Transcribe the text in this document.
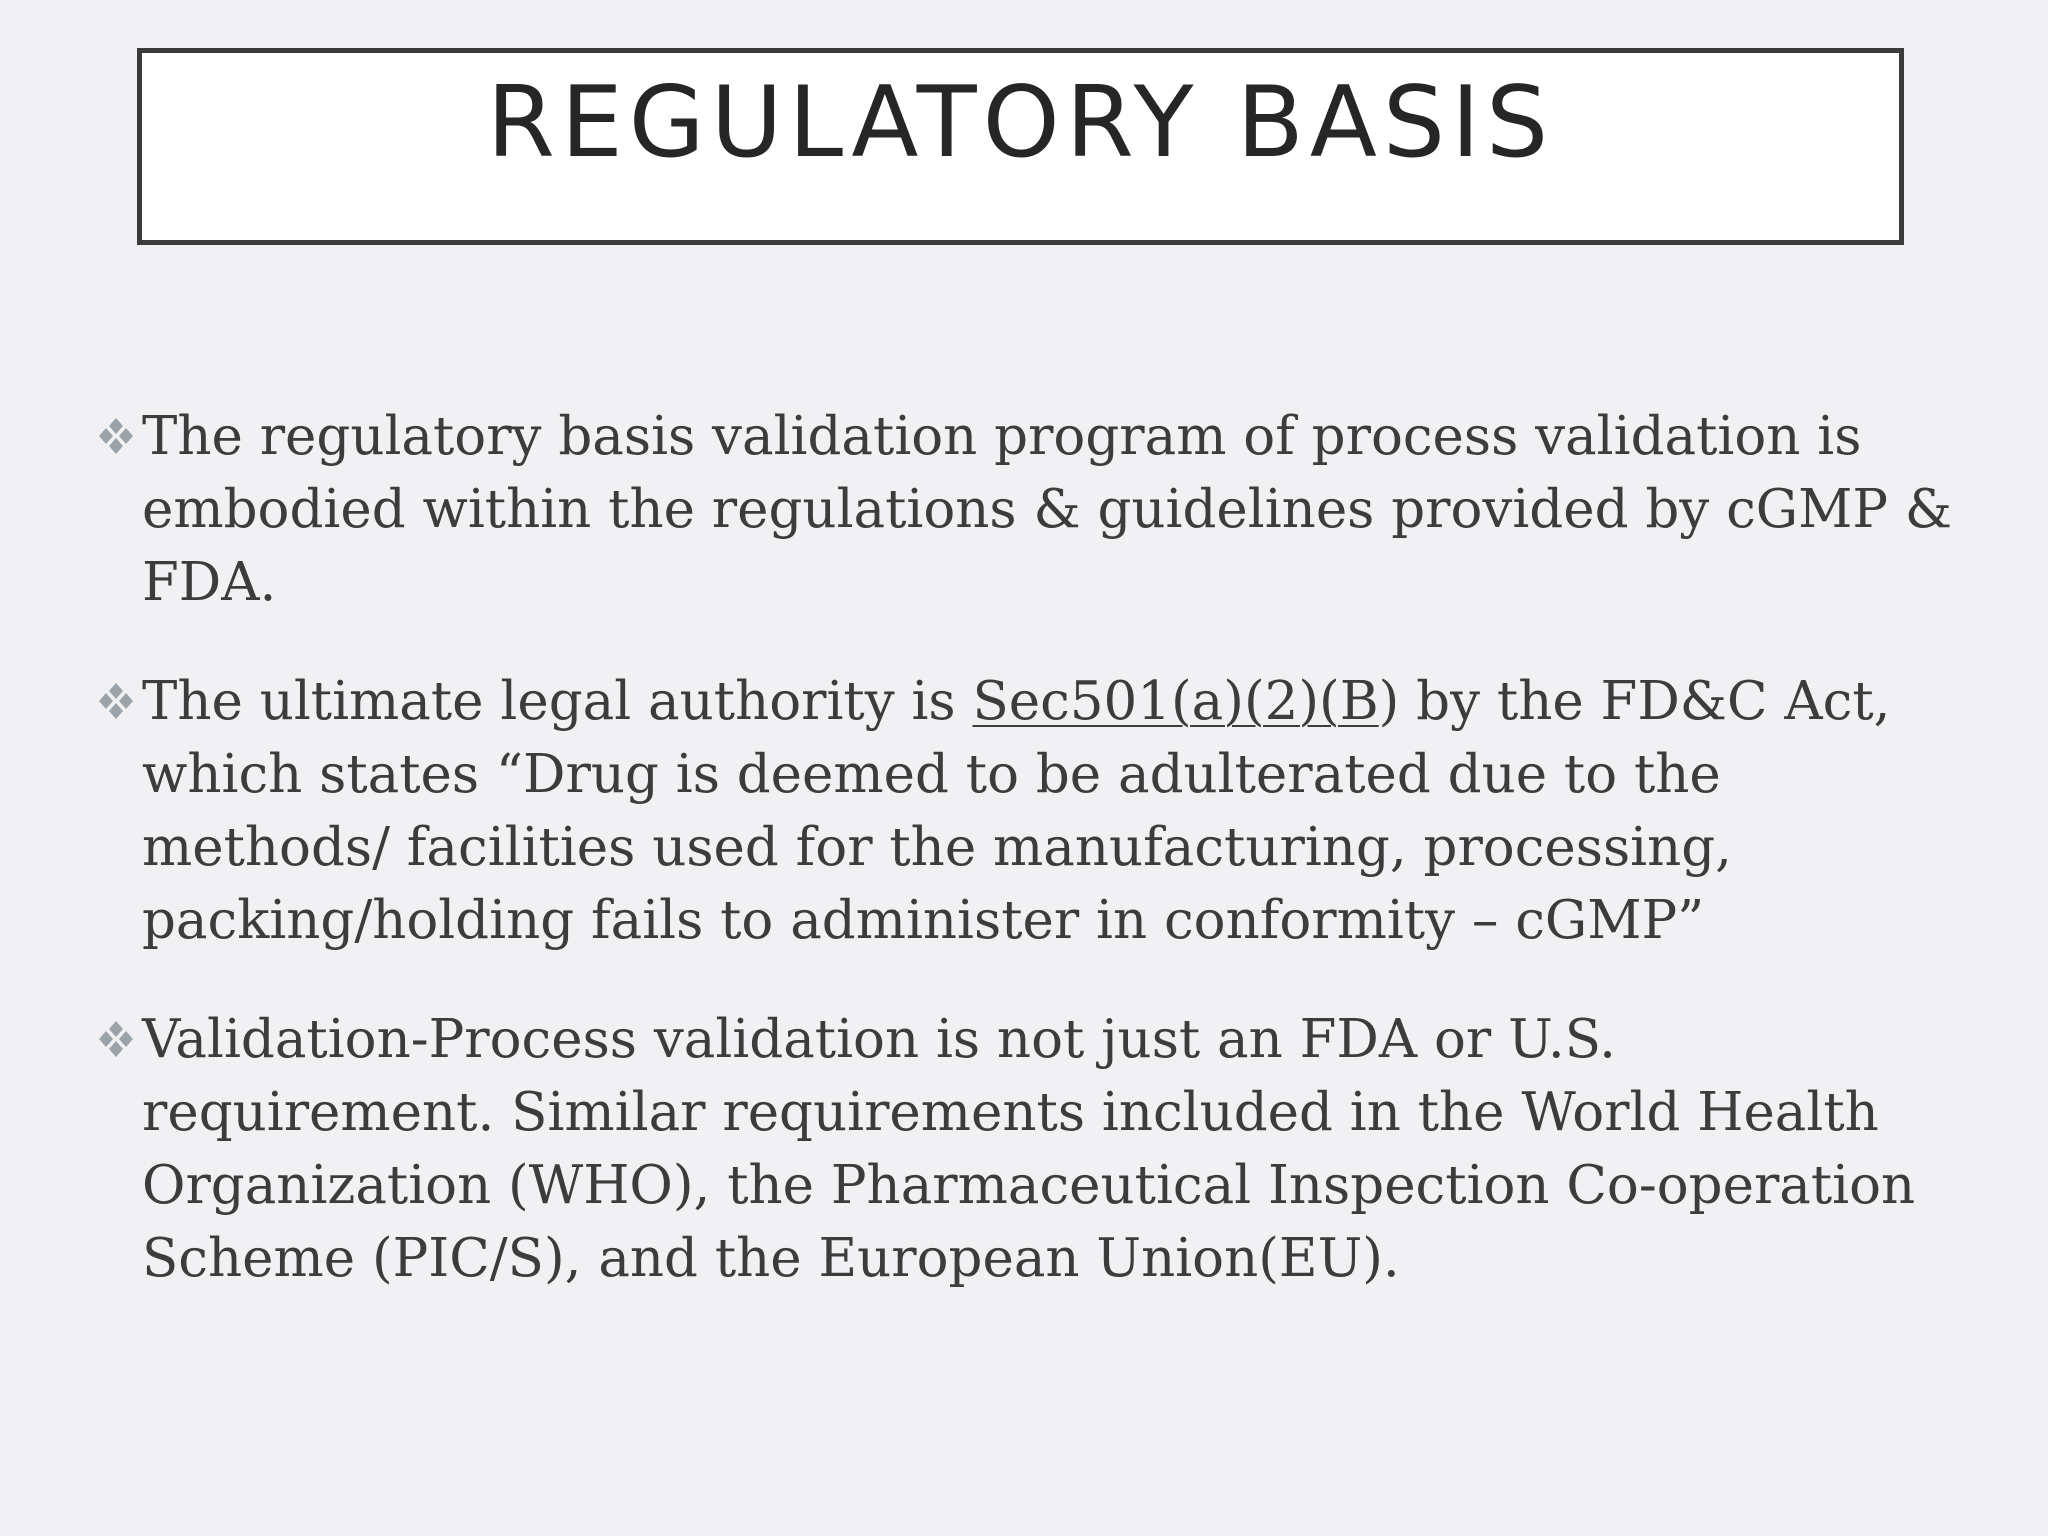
REGULATORY BASIS
The regulatory basis validation program of process validation is embodied within the regulations & guidelines provided by cGMP & FDA.
The ultimate legal authority is Sec501(a)(2)(B) by the FD&C Act, which states “Drug is deemed to be adulterated due to the methods/ facilities used for the manufacturing, processing, packing/holding fails to administer in conformity – cGMP”
Validation-Process validation is not just an FDA or U.S. requirement. Similar requirements included in the World Health Organization (WHO), the Pharmaceutical Inspection Co-operation Scheme (PIC/S), and the European Union(EU).
